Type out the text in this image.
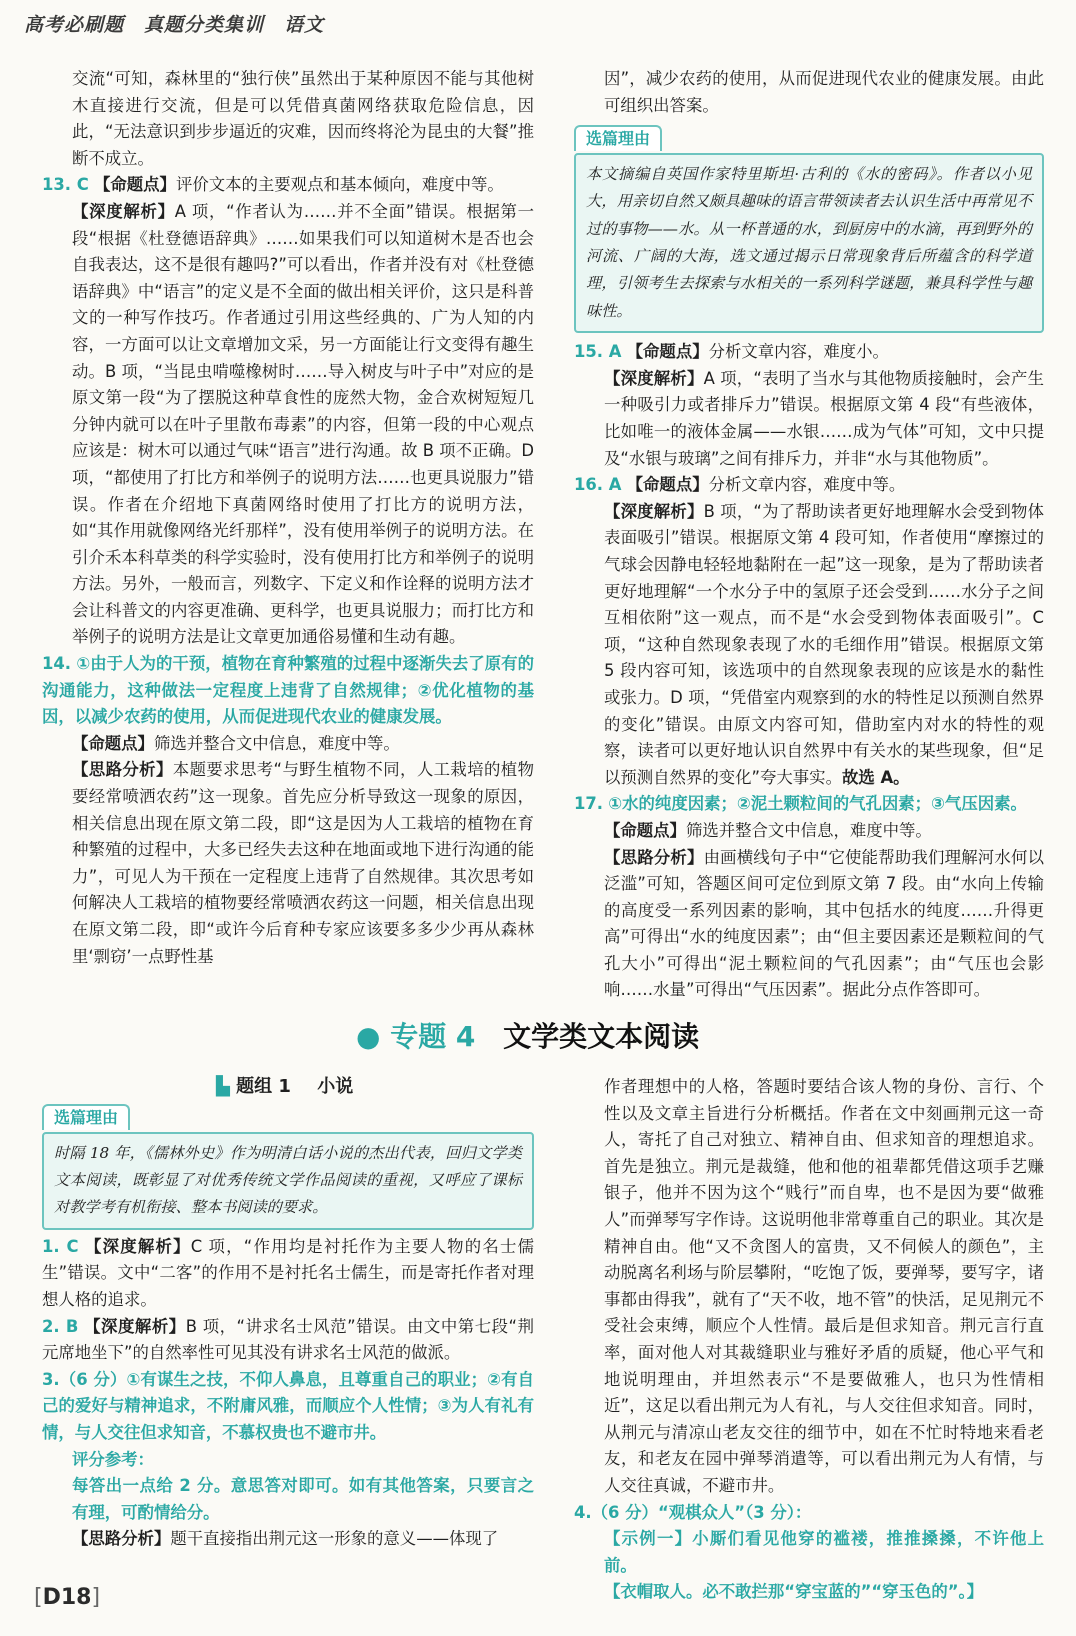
高考必刷题　真题分类集训　语文

交流“可知，森林里的“独行侠”虽然出于某种原因不能与其他树木直接进行交流，但是可以凭借真菌网络获取危险信息，因此，“无法意识到步步逼近的灾难，因而终将沦为昆虫的大餐”推断不成立。

13. C 【命题点】评价文本的主要观点和基本倾向，难度中等。

【深度解析】A 项，“作者认为……并不全面”错误。根据第一段“根据《杜登德语辞典》……如果我们可以知道树木是否也会自我表达，这不是很有趣吗?”可以看出，作者并没有对《杜登德语辞典》中“语言”的定义是不全面的做出相关评价，这只是科普文的一种写作技巧。作者通过引用这些经典的、广为人知的内容，一方面可以让文章增加文采，另一方面能让行文变得有趣生动。B 项，“当昆虫啃噬橡树时……导入树皮与叶子中”对应的是原文第一段“为了摆脱这种草食性的庞然大物，金合欢树短短几分钟内就可以在叶子里散布毒素”的内容，但第一段的中心观点应该是：树木可以通过气味“语言”进行沟通。故 B 项不正确。D 项，“都使用了打比方和举例子的说明方法……也更具说服力”错误。作者在介绍地下真菌网络时使用了打比方的说明方法，如“其作用就像网络光纤那样”，没有使用举例子的说明方法。在引介禾本科草类的科学实验时，没有使用打比方和举例子的说明方法。另外，一般而言，列数字、下定义和作诠释的说明方法才会让科普文的内容更准确、更科学，也更具说服力；而打比方和举例子的说明方法是让文章更加通俗易懂和生动有趣。

14. ①由于人为的干预，植物在育种繁殖的过程中逐渐失去了原有的沟通能力，这种做法一定程度上违背了自然规律；②优化植物的基因，以减少农药的使用，从而促进现代农业的健康发展。

【命题点】筛选并整合文中信息，难度中等。

【思路分析】本题要求思考“与野生植物不同，人工栽培的植物要经常喷洒农药”这一现象。首先应分析导致这一现象的原因，相关信息出现在原文第二段，即“这是因为人工栽培的植物在育种繁殖的过程中，大多已经失去这种在地面或地下进行沟通的能力”，可见人为干预在一定程度上违背了自然规律。其次思考如何解决人工栽培的植物要经常喷洒农药这一问题，相关信息出现在原文第二段，即“或许今后育种专家应该要多多少少再从森林里‘剽窃’一点野性基

因”，减少农药的使用，从而促进现代农业的健康发展。由此可组织出答案。

选篇理由
本文摘编自英国作家特里斯坦·古利的《水的密码》。作者以小见大，用亲切自然又颇具趣味的语言带领读者去认识生活中再常见不过的事物——水。从一杯普通的水，到厨房中的水滴，再到野外的河流、广阔的大海，选文通过揭示日常现象背后所蕴含的科学道理，引领考生去探索与水相关的一系列科学谜题，兼具科学性与趣味性。

15. A 【命题点】分析文章内容，难度小。

【深度解析】A 项，“表明了当水与其他物质接触时，会产生一种吸引力或者排斥力”错误。根据原文第 4 段“有些液体，比如唯一的液体金属——水银……成为气体”可知，文中只提及“水银与玻璃”之间有排斥力，并非“水与其他物质”。

16. A 【命题点】分析文章内容，难度中等。

【深度解析】B 项，“为了帮助读者更好地理解水会受到物体表面吸引”错误。根据原文第 4 段可知，作者使用“摩擦过的气球会因静电轻轻地黏附在一起”这一现象，是为了帮助读者更好地理解“一个水分子中的氢原子还会受到……水分子之间互相依附”这一观点，而不是“水会受到物体表面吸引”。C 项，“这种自然现象表现了水的毛细作用”错误。根据原文第 5 段内容可知，该选项中的自然现象表现的应该是水的黏性或张力。D 项，“凭借室内观察到的水的特性足以预测自然界的变化”错误。由原文内容可知，借助室内对水的特性的观察，读者可以更好地认识自然界中有关水的某些现象，但“足以预测自然界的变化”夸大事实。故选 A。

17. ①水的纯度因素；②泥土颗粒间的气孔因素；③气压因素。

【命题点】筛选并整合文中信息，难度中等。

【思路分析】由画横线句子中“它使能帮助我们理解河水何以泛滥”可知，答题区间可定位到原文第 7 段。由“水向上传输的高度受一系列因素的影响，其中包括水的纯度……升得更高”可得出“水的纯度因素”；由“但主要因素还是颗粒间的气孔大小”可得出“泥土颗粒间的气孔因素”；由“气压也会影响……水量”可得出“气压因素”。据此分点作答即可。

● 专题 4 文学类文本阅读
▙ 题组 1 小说
选篇理由
时隔 18 年，《儒林外史》作为明清白话小说的杰出代表，回归文学类文本阅读，既彰显了对优秀传统文学作品阅读的重视，又呼应了课标对教学考有机衔接、整本书阅读的要求。

1. C 【深度解析】C 项，“作用均是衬托作为主要人物的名士儒生”错误。文中“二客”的作用不是衬托名士儒生，而是寄托作者对理想人格的追求。

2. B 【深度解析】B 项，“讲求名士风范”错误。由文中第七段“荆元席地坐下”的自然率性可见其没有讲求名士风范的做派。

3.（6 分）①有谋生之技，不仰人鼻息，且尊重自己的职业；②有自己的爱好与精神追求，不附庸风雅，而顺应个人性情；③为人有礼有情，与人交往但求知音，不慕权贵也不避市井。

评分参考：

每答出一点给 2 分。意思答对即可。如有其他答案，只要言之有理，可酌情给分。

【思路分析】题干直接指出荆元这一形象的意义——体现了

作者理想中的人格，答题时要结合该人物的身份、言行、个性以及文章主旨进行分析概括。作者在文中刻画荆元这一奇人，寄托了自己对独立、精神自由、但求知音的理想追求。首先是独立。荆元是裁缝，他和他的祖辈都凭借这项手艺赚银子，他并不因为这个“贱行”而自卑，也不是因为要“做雅人”而弹琴写字作诗。这说明他非常尊重自己的职业。其次是精神自由。他“又不贪图人的富贵，又不伺候人的颜色”，主动脱离名利场与阶层攀附，“吃饱了饭，要弹琴，要写字，诸事都由得我”，就有了“天不收，地不管”的快活，足见荆元不受社会束缚，顺应个人性情。最后是但求知音。荆元言行直率，面对他人对其裁缝职业与雅好矛盾的质疑，他心平气和地说明理由，并坦然表示“不是要做雅人，也只为性情相近”，这足以看出荆元为人有礼，与人交往但求知音。同时，从荆元与清凉山老友交往的细节中，如在不忙时特地来看老友，和老友在园中弹琴消遣等，可以看出荆元为人有情，与人交往真诚，不避市井。

4.（6 分）“观棋众人”（3 分）：

【示例一】小厮们看见他穿的褴褛，推推搡搡，不许他上前。

【衣帽取人。必不敢拦那“穿宝蓝的”“穿玉色的”。】

[D18]
